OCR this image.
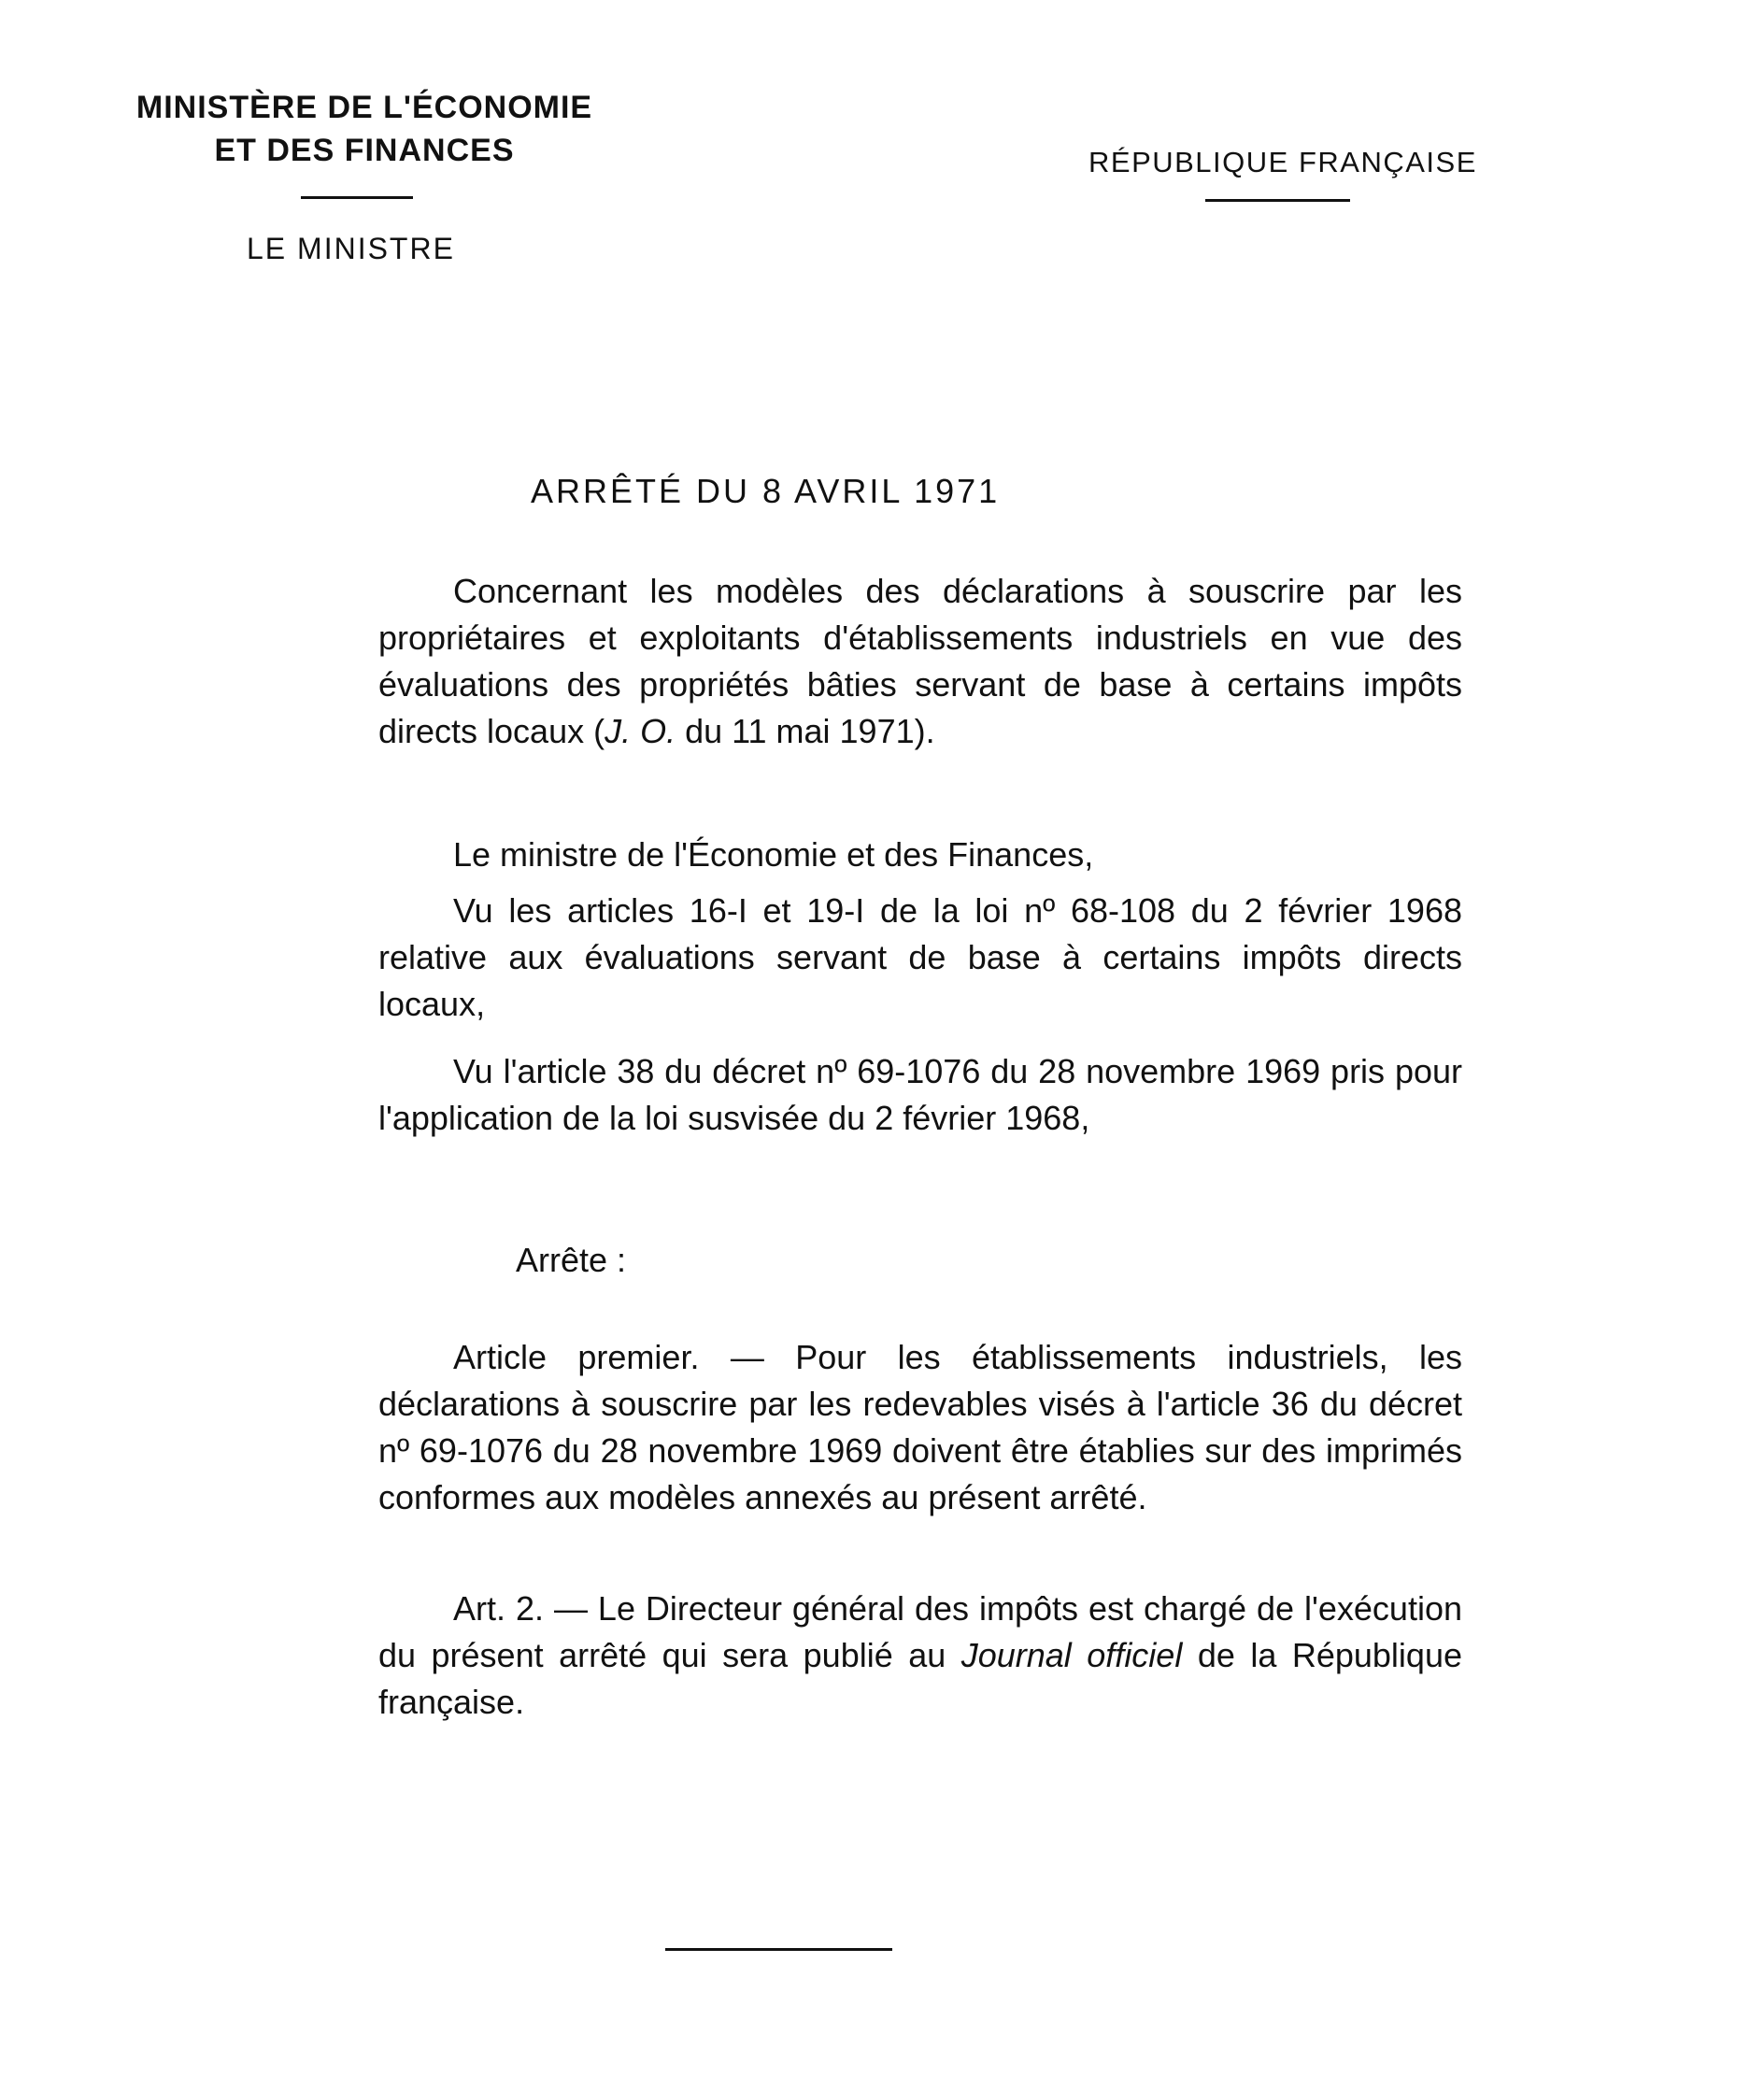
MINISTÈRE DE L'ÉCONOMIE
ET DES FINANCES
LE MINISTRE
RÉPUBLIQUE FRANÇAISE
ARRÊTÉ DU 8 AVRIL 1971

Concernant les modèles des déclarations à souscrire par les propriétaires et exploitants d'établissements industriels en vue des évaluations des propriétés bâties servant de base à certains impôts directs locaux (J. O. du 11 mai 1971).

Le ministre de l'Économie et des Finances,

Vu les articles 16-I et 19-I de la loi nº 68-108 du 2 février 1968 relative aux évaluations servant de base à certains impôts directs locaux,

Vu l'article 38 du décret nº 69-1076 du 28 novembre 1969 pris pour l'application de la loi susvisée du 2 février 1968,

Arrête :

Article premier. — Pour les établissements industriels, les déclarations à souscrire par les redevables visés à l'article 36 du décret nº 69-1076 du 28 novembre 1969 doivent être établies sur des imprimés conformes aux modèles annexés au présent arrêté.

Art. 2. — Le Directeur général des impôts est chargé de l'exécution du présent arrêté qui sera publié au Journal officiel de la République française.
